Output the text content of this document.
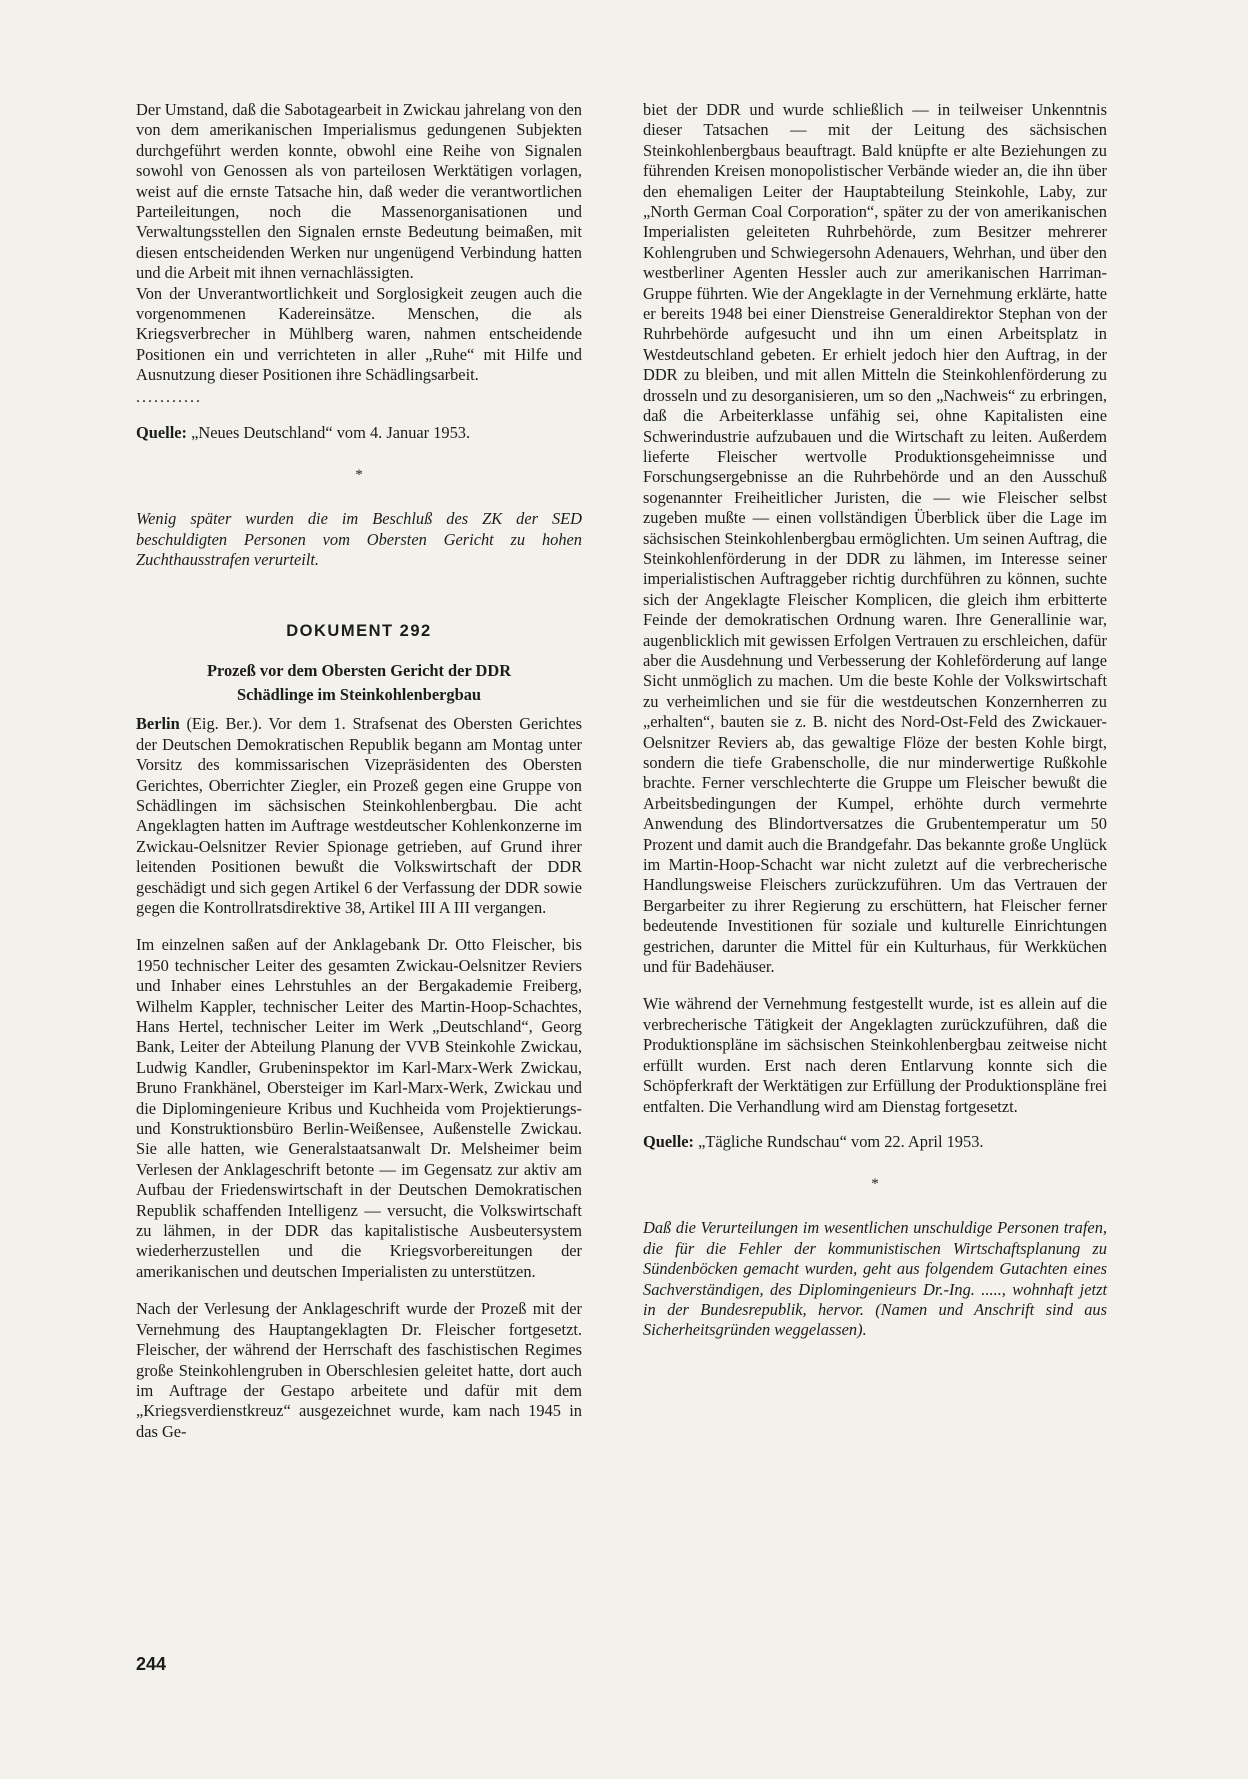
Der Umstand, daß die Sabotagearbeit in Zwickau jahrelang von den von dem amerikanischen Imperialismus gedungenen Subjekten durchgeführt werden konnte, obwohl eine Reihe von Signalen sowohl von Genossen als von parteilosen Werktätigen vorlagen, weist auf die ernste Tatsache hin, daß weder die verantwortlichen Parteileitungen, noch die Massenorganisationen und Verwaltungsstellen den Signalen ernste Bedeutung beimaßen, mit diesen entscheidenden Werken nur ungenügend Verbindung hatten und die Arbeit mit ihnen vernachlässigten.

Von der Unverantwortlichkeit und Sorglosigkeit zeugen auch die vorgenommenen Kadereinsätze. Menschen, die als Kriegsverbrecher in Mühlberg waren, nahmen entscheidende Positionen ein und verrichteten in aller „Ruhe“ mit Hilfe und Ausnutzung dieser Positionen ihre Schädlingsarbeit.

...........

Quelle: „Neues Deutschland“ vom 4. Januar 1953.

*

Wenig später wurden die im Beschluß des ZK der SED beschuldigten Personen vom Obersten Gericht zu hohen Zuchthausstrafen verurteilt.

DOKUMENT 292
Prozeß vor dem Obersten Gericht der DDR
Schädlinge im Steinkohlenbergbau

Berlin (Eig. Ber.). Vor dem 1. Strafsenat des Obersten Gerichtes der Deutschen Demokratischen Republik begann am Montag unter Vorsitz des kommissarischen Vizepräsidenten des Obersten Gerichtes, Oberrichter Ziegler, ein Prozeß gegen eine Gruppe von Schädlingen im sächsischen Steinkohlenbergbau. Die acht Angeklagten hatten im Auftrage westdeutscher Kohlenkonzerne im Zwickau-Oelsnitzer Revier Spionage getrieben, auf Grund ihrer leitenden Positionen bewußt die Volkswirtschaft der DDR geschädigt und sich gegen Artikel 6 der Verfassung der DDR sowie gegen die Kontrollratsdirektive 38, Artikel III A III vergangen.

Im einzelnen saßen auf der Anklagebank Dr. Otto Fleischer, bis 1950 technischer Leiter des gesamten Zwickau-Oelsnitzer Reviers und Inhaber eines Lehrstuhles an der Bergakademie Freiberg, Wilhelm Kappler, technischer Leiter des Martin-Hoop-Schachtes, Hans Hertel, technischer Leiter im Werk „Deutschland“, Georg Bank, Leiter der Abteilung Planung der VVB Steinkohle Zwickau, Ludwig Kandler, Grubeninspektor im Karl-Marx-Werk Zwickau, Bruno Frankhänel, Obersteiger im Karl-Marx-Werk, Zwickau und die Diplomingenieure Kribus und Kuchheida vom Projektierungs- und Konstruktionsbüro Berlin-Weißensee, Außenstelle Zwickau. Sie alle hatten, wie Generalstaatsanwalt Dr. Melsheimer beim Verlesen der Anklageschrift betonte — im Gegensatz zur aktiv am Aufbau der Friedenswirtschaft in der Deutschen Demokratischen Republik schaffenden Intelligenz — versucht, die Volkswirtschaft zu lähmen, in der DDR das kapitalistische Ausbeutersystem wiederherzustellen und die Kriegsvorbereitungen der amerikanischen und deutschen Imperialisten zu unterstützen.

Nach der Verlesung der Anklageschrift wurde der Prozeß mit der Vernehmung des Hauptangeklagten Dr. Fleischer fortgesetzt. Fleischer, der während der Herrschaft des faschistischen Regimes große Steinkohlengruben in Oberschlesien geleitet hatte, dort auch im Auftrage der Gestapo arbeitete und dafür mit dem „Kriegsverdienstkreuz“ ausgezeichnet wurde, kam nach 1945 in das Ge-

biet der DDR und wurde schließlich — in teilweiser Unkenntnis dieser Tatsachen — mit der Leitung des sächsischen Steinkohlenbergbaus beauftragt. Bald knüpfte er alte Beziehungen zu führenden Kreisen monopolistischer Verbände wieder an, die ihn über den ehemaligen Leiter der Hauptabteilung Steinkohle, Laby, zur „North German Coal Corporation“, später zu der von amerikanischen Imperialisten geleiteten Ruhrbehörde, zum Besitzer mehrerer Kohlengruben und Schwiegersohn Adenauers, Wehrhan, und über den westberliner Agenten Hessler auch zur amerikanischen Harriman-Gruppe führten. Wie der Angeklagte in der Vernehmung erklärte, hatte er bereits 1948 bei einer Dienstreise Generaldirektor Stephan von der Ruhrbehörde aufgesucht und ihn um einen Arbeitsplatz in Westdeutschland gebeten. Er erhielt jedoch hier den Auftrag, in der DDR zu bleiben, und mit allen Mitteln die Steinkohlenförderung zu drosseln und zu desorganisieren, um so den „Nachweis“ zu erbringen, daß die Arbeiterklasse unfähig sei, ohne Kapitalisten eine Schwerindustrie aufzubauen und die Wirtschaft zu leiten. Außerdem lieferte Fleischer wertvolle Produktionsgeheimnisse und Forschungsergebnisse an die Ruhrbehörde und an den Ausschuß sogenannter Freiheitlicher Juristen, die — wie Fleischer selbst zugeben mußte — einen vollständigen Überblick über die Lage im sächsischen Steinkohlenbergbau ermöglichten. Um seinen Auftrag, die Steinkohlenförderung in der DDR zu lähmen, im Interesse seiner imperialistischen Auftraggeber richtig durchführen zu können, suchte sich der Angeklagte Fleischer Komplicen, die gleich ihm erbitterte Feinde der demokratischen Ordnung waren. Ihre Generallinie war, augenblicklich mit gewissen Erfolgen Vertrauen zu erschleichen, dafür aber die Ausdehnung und Verbesserung der Kohleförderung auf lange Sicht unmöglich zu machen. Um die beste Kohle der Volkswirtschaft zu verheimlichen und sie für die westdeutschen Konzernherren zu „erhalten“, bauten sie z. B. nicht des Nord-Ost-Feld des Zwickauer-Oelsnitzer Reviers ab, das gewaltige Flöze der besten Kohle birgt, sondern die tiefe Grabenscholle, die nur minderwertige Rußkohle brachte. Ferner verschlechterte die Gruppe um Fleischer bewußt die Arbeitsbedingungen der Kumpel, erhöhte durch vermehrte Anwendung des Blindortversatzes die Grubentemperatur um 50 Prozent und damit auch die Brandgefahr. Das bekannte große Unglück im Martin-Hoop-Schacht war nicht zuletzt auf die verbrecherische Handlungsweise Fleischers zurückzuführen. Um das Vertrauen der Bergarbeiter zu ihrer Regierung zu erschüttern, hat Fleischer ferner bedeutende Investitionen für soziale und kulturelle Einrichtungen gestrichen, darunter die Mittel für ein Kulturhaus, für Werkküchen und für Badehäuser.

Wie während der Vernehmung festgestellt wurde, ist es allein auf die verbrecherische Tätigkeit der Angeklagten zurückzuführen, daß die Produktionspläne im sächsischen Steinkohlenbergbau zeitweise nicht erfüllt wurden. Erst nach deren Entlarvung konnte sich die Schöpferkraft der Werktätigen zur Erfüllung der Produktionspläne frei entfalten. Die Verhandlung wird am Dienstag fortgesetzt.

Quelle: „Tägliche Rundschau“ vom 22. April 1953.

*

Daß die Verurteilungen im wesentlichen unschuldige Personen trafen, die für die Fehler der kommunistischen Wirtschaftsplanung zu Sündenböcken gemacht wurden, geht aus folgendem Gutachten eines Sachverständigen, des Diplomingenieurs Dr.-Ing. ....., wohnhaft jetzt in der Bundesrepublik, hervor. (Namen und Anschrift sind aus Sicherheitsgründen weggelassen).

244
